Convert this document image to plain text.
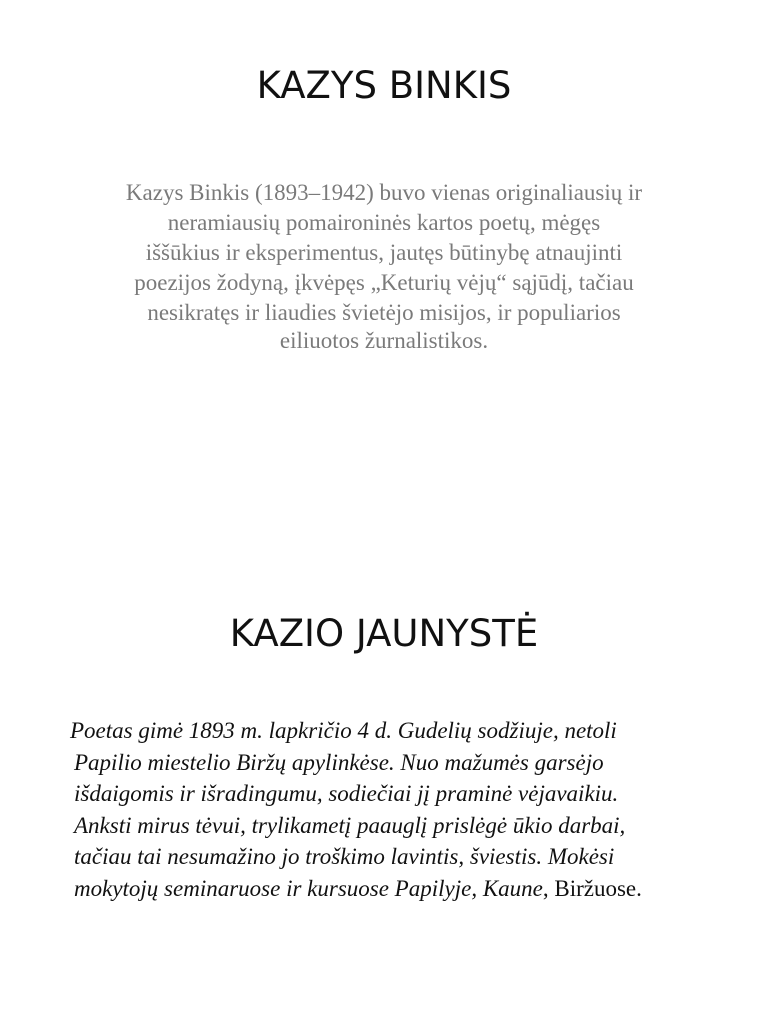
KAZYS BINKIS

Kazys Binkis (1893–1942) buvo vienas originaliausių ir
neramiausių pomaironinės kartos poetų, mėgęs
iššūkius ir eksperimentus, jautęs būtinybę atnaujinti
poezijos žodyną, įkvėpęs „Keturių vėjų“ sąjūdį, tačiau
nesikratęs ir liaudies švietėjo misijos, ir populiarios
eiliuotos žurnalistikos.

KAZIO JAUNYSTĖ

Poetas gimė 1893 m. lapkričio 4 d. Gudelių sodžiuje, netoli
Papilio miestelio Biržų apylinkėse. Nuo mažumės garsėjo
išdaigomis ir išradingumu, sodiečiai jį praminė vėjavaikiu.
Anksti mirus tėvui, trylikametį paauglį prislėgė ūkio darbai,
tačiau tai nesumažino jo troškimo lavintis, šviestis. Mokėsi
mokytojų seminaruose ir kursuose Papilyje, Kaune, Biržuose.
